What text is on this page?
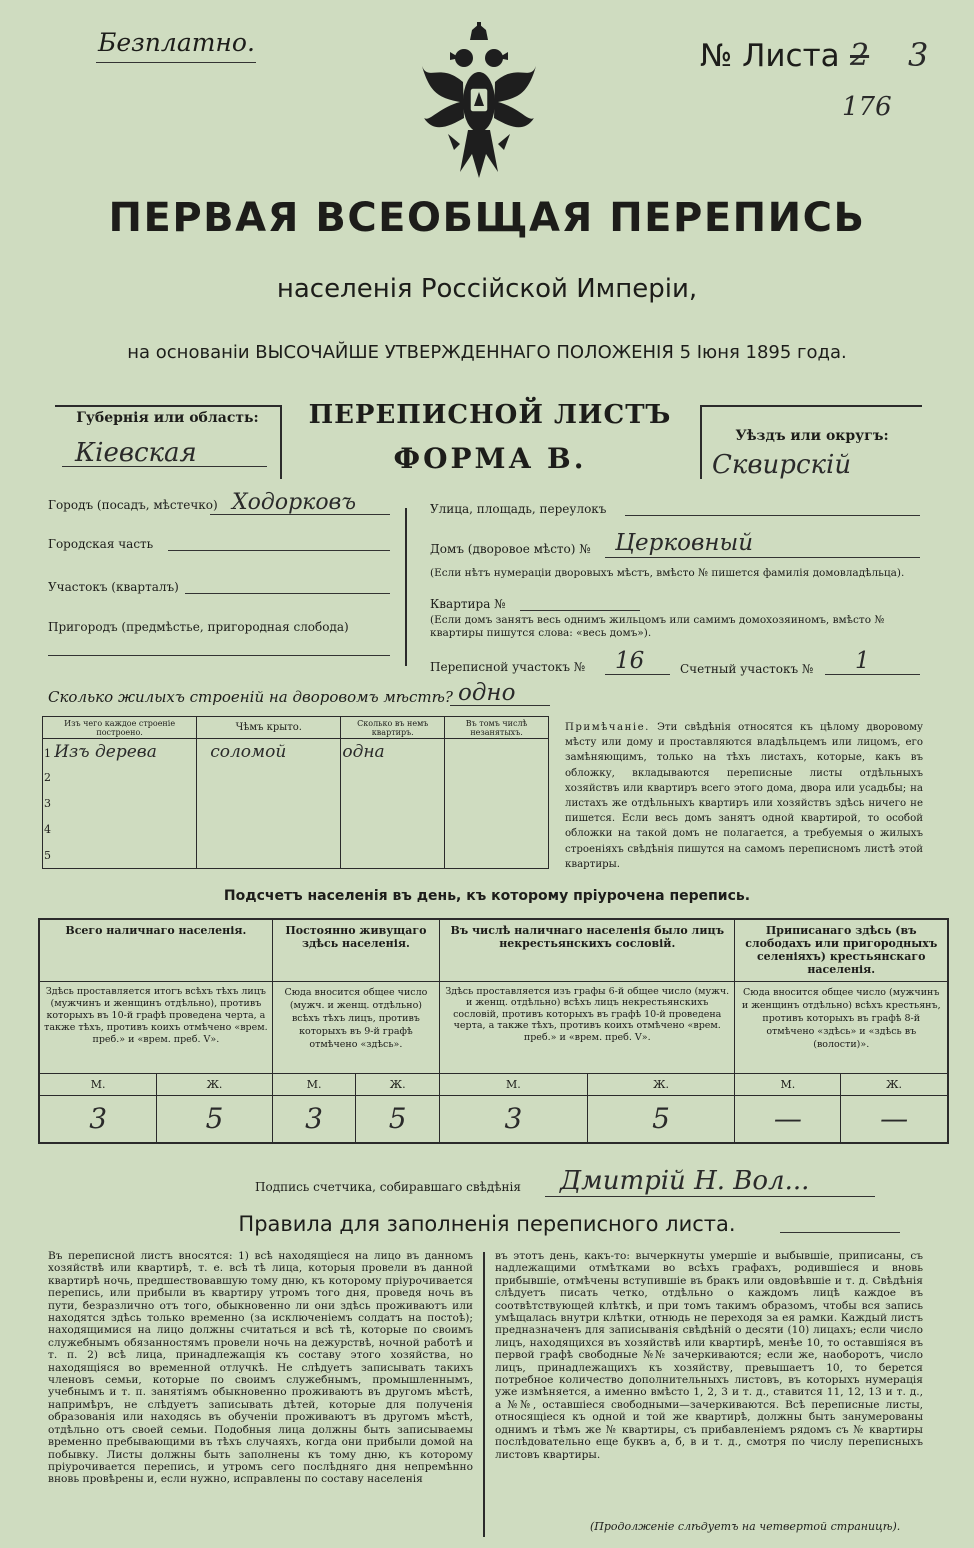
Безплатно.	№ Листа 2 3
176
ПЕРВАЯ ВСЕОБЩАЯ ПЕРЕПИСЬ
населенія Россійской Имперіи,
на основаніи ВЫСОЧАЙШЕ УТВЕРЖДЕННАГО ПОЛОЖЕНІЯ 5 Іюня 1895 года.
Губернія или область:
Кіевская
Уѣздъ или округъ:
Сквирскій
ПЕРЕПИСНОЙ ЛИСТЪ
ФОРМА В.
Городъ (посадъ, мѣстечко) Ходорковъ
Городская часть
Участокъ (кварталъ)
Пригородъ (предмѣстье, пригородная слобода)
Улица, площадь, переулокъ
Домъ (дворовое мѣсто) № Церковный
(Если нѣтъ нумераціи дворовыхъ мѣстъ, вмѣсто № пишется фамилія домовладѣльца).
Квартира №
(Если домъ занятъ весь однимъ жильцомъ или самимъ домохозяиномъ, вмѣсто № квартиры пишутся слова: «весь домъ»).
Переписной участокъ № 16	Счетный участокъ № 1
Сколько жилыхъ строеній на дворовомъ мѣстѣ? одно
Изъ чего каждое строеніе построено.	Чѣмъ крыто.	Сколько въ немъ квартиръ.	Въ томъ числѣ незанятыхъ.
1 Изъ дерева	соломой	одна	
2			
3			
4			
5			
Примѣчаніе. Эти свѣдѣнія относятся къ цѣлому дворовому мѣсту или дому и проставляются владѣльцемъ или лицомъ, его замѣняющимъ, только на тѣхъ листахъ, которые, какъ въ обложку, вкладываются переписные листы отдѣльныхъ хозяйствъ или квартиръ всего этого дома, двора или усадьбы; на листахъ же отдѣльныхъ квартиръ или хозяйствъ здѣсь ничего не пишется. Если весь домъ занятъ одной квартирой, то особой обложки на такой домъ не полагается, а требуемыя о жилыхъ строеніяхъ свѣдѣнія пишутся на самомъ переписномъ листѣ этой квартиры.
Подсчетъ населенія въ день, къ которому пріурочена перепись.
Всего наличнаго населенія.		Постоянно живущаго здѣсь населенія.		Въ числѣ наличнаго населенія было лицъ некрестьянскихъ сословій.		Приписанаго здѣсь (въ слободахъ или пригородныхъ селеніяхъ) крестьянскаго населенія.	
Здѣсь проставляется итогъ всѣхъ тѣхъ лицъ (мужчинъ и женщинъ отдѣльно), противъ которыхъ въ 10-й графѣ проведена черта, а также тѣхъ, противъ коихъ отмѣчено «врем. преб.» и «врем. преб. V».		Сюда вносится общее число (мужч. и женщ. отдѣльно) всѣхъ тѣхъ лицъ, противъ которыхъ въ 9-й графѣ отмѣчено «здѣсь».		Здѣсь проставляется изъ графы 6-й общее число (мужч. и женщ. отдѣльно) всѣхъ лицъ некрестьянскихъ сословій, противъ которыхъ въ графѣ 10-й проведена черта, а также тѣхъ, противъ коихъ отмѣчено «врем. преб.» и «врем. преб. V».		Сюда вносится общее число (мужчинъ и женщинъ отдѣльно) всѣхъ крестьянъ, противъ которыхъ въ графѣ 8-й отмѣчено «здѣсь» и «здѣсь въ (волости)».	
М.	Ж.	М.	Ж.	М.	Ж.	М.	Ж.
3	5	3	5	3	5	—	—
Подпись счетчика, собиравшаго свѣдѣнія Дмитрій Н. Вол...
Правила для заполненія переписного листа.
Въ переписной листъ вносятся: 1) всѣ находящіеся на лицо въ данномъ хозяйствѣ или квартирѣ, т. е. всѣ тѣ лица, которыя провели въ данной квартирѣ ночь, предшествовавшую тому дню, къ которому пріурочивается перепись, или прибыли въ квартиру утромъ того дня, проведя ночь въ пути, безразлично отъ того, обыкновенно ли они здѣсь проживаютъ или находятся здѣсь только временно (за исключеніемъ солдатъ на постоѣ); находящимися на лицо должны считаться и всѣ тѣ, которые по своимъ служебнымъ обязанностямъ провели ночь на дежурствѣ, ночной работѣ и т. п. 2) всѣ лица, принадлежащія къ составу этого хозяйства, но находящіяся во временной отлучкѣ. Не слѣдуетъ записывать такихъ членовъ семьи, которые по своимъ служебнымъ, промышленнымъ, учебнымъ и т. п. занятіямъ обыкновенно проживаютъ въ другомъ мѣстѣ, напримѣръ, не слѣдуетъ записывать дѣтей, которые для полученія образованія или находясь въ обученіи проживаютъ въ другомъ мѣстѣ, отдѣльно отъ своей семьи. Подобныя лица должны быть записываемы временно пребывающими въ тѣхъ случаяхъ, когда они прибыли домой на побывку. Листы должны быть заполнены къ тому дню, къ которому пріурочивается перепись, и утромъ сего послѣдняго дня непремѣнно вновь провѣрены и, если нужно, исправлены по составу населенія
въ этотъ день, какъ-то: вычеркнуты умершіе и выбывшіе, приписаны, съ надлежащими отмѣтками во всѣхъ графахъ, родившіеся и вновь прибывшіе, отмѣчены вступившіе въ бракъ или овдовѣвшіе и т. д. Свѣдѣнія слѣдуетъ писать четко, отдѣльно о каждомъ лицѣ каждое въ соотвѣтствующей клѣткѣ, и при томъ такимъ образомъ, чтобы вся запись умѣщалась внутри клѣтки, отнюдь не переходя за ея рамки. Каждый листъ предназначенъ для записыванія свѣдѣній о десяти (10) лицахъ; если число лицъ, находящихся въ хозяйствѣ или квартирѣ, менѣе 10, то оставшіяся въ первой графѣ свободные №№ зачеркиваются; если же, наоборотъ, число лицъ, принадлежащихъ къ хозяйству, превышаетъ 10, то берется потребное количество дополнительныхъ листовъ, въ которыхъ нумерація уже измѣняется, а именно вмѣсто 1, 2, 3 и т. д., ставится 11, 12, 13 и т. д., а №№, оставшіеся свободными—зачеркиваются. Всѣ переписные листы, относящіеся къ одной и той же квартирѣ, должны быть занумерованы однимъ и тѣмъ же № квартиры, съ прибавленіемъ рядомъ съ № квартиры послѣдовательно еще буквъ а, б, в и т. д., смотря по числу переписныхъ листовъ квартиры.
(Продолженіе слѣдуетъ на четвертой страницѣ).
